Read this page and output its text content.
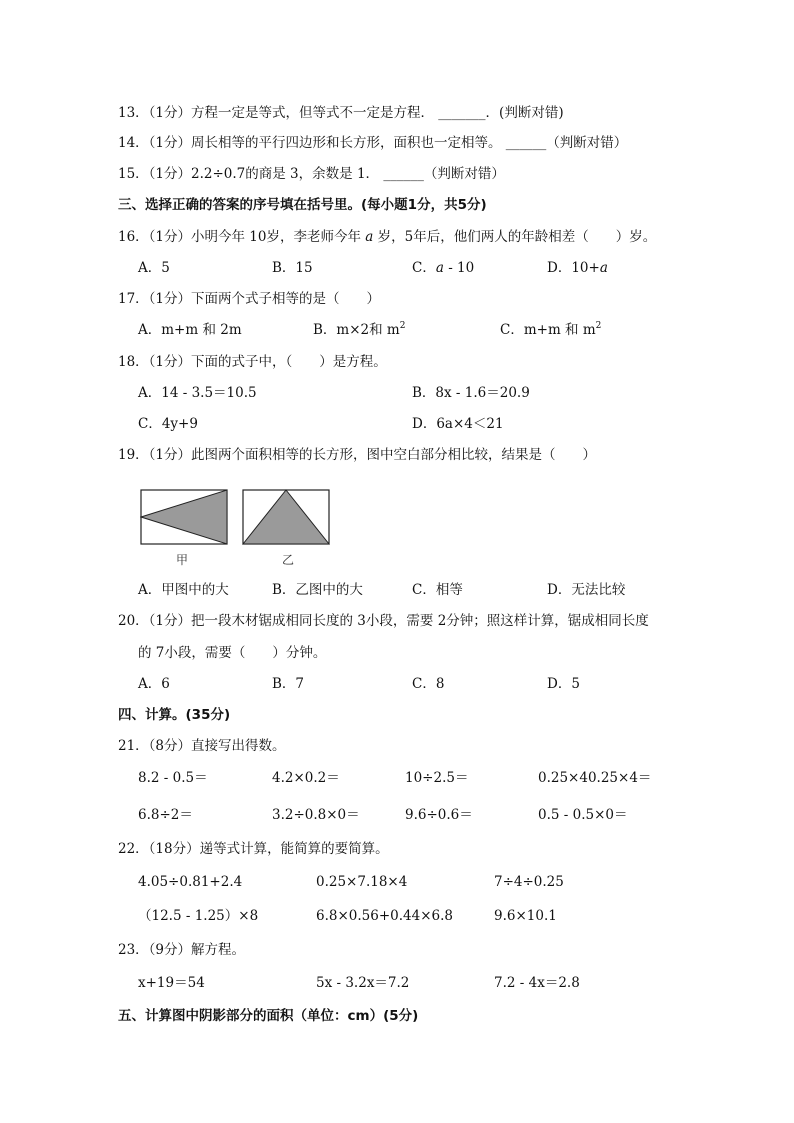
13．（1分）方程一定是等式，但等式不一定是方程． _______．(判断对错)
14．（1分）周长相等的平行四边形和长方形，面积也一定相等。 ______（判断对错）
15．（1分）2.2÷0.7的商是 3，余数是 1． ______（判断对错）
三、选择正确的答案的序号填在括号里。(每小题1分，共5分)
16．（1分）小明今年 10岁，李老师今年 a 岁，5年后，他们两人的年龄相差（　　）岁。
A．5	B．15	C．a - 10	D．10+a
17．（1分）下面两个式子相等的是（　　）
A．m+m 和 2m	B．m×2和 $m^2$	C．m+m 和 $m^2$
18．（1分）下面的式子中，（　　）是方程。
A．14 - 3.5＝10.5	B．8x - 1.6＝20.9
C．4y+9	D．6a×4＜21
19．（1分）此图两个面积相等的长方形，图中空白部分相比较，结果是（　　）
甲	乙
A．甲图中的大	B．乙图中的大	C．相等	D．无法比较
20．（1分）把一段木材锯成相同长度的 3小段，需要 2分钟；照这样计算，锯成相同长度
的 7小段，需要（　　）分钟。
A．6	B．7	C．8	D．5
四、计算。(35分)
21．（8分）直接写出得数。
8.2 - 0.5＝	4.2×0.2＝	10÷2.5＝	0.25×40.25×4＝
6.8÷2＝	3.2÷0.8×0＝	9.6÷0.6＝	0.5 - 0.5×0＝
22．（18分）递等式计算，能简算的要简算。
4.05÷0.81+2.4	0.25×7.18×4	7÷4÷0.25
（12.5 - 1.25）×8	6.8×0.56+0.44×6.8	9.6×10.1
23．（9分）解方程。
x+19＝54	5x - 3.2x＝7.2	7.2 - 4x＝2.8
五、计算图中阴影部分的面积（单位：cm）(5分)
